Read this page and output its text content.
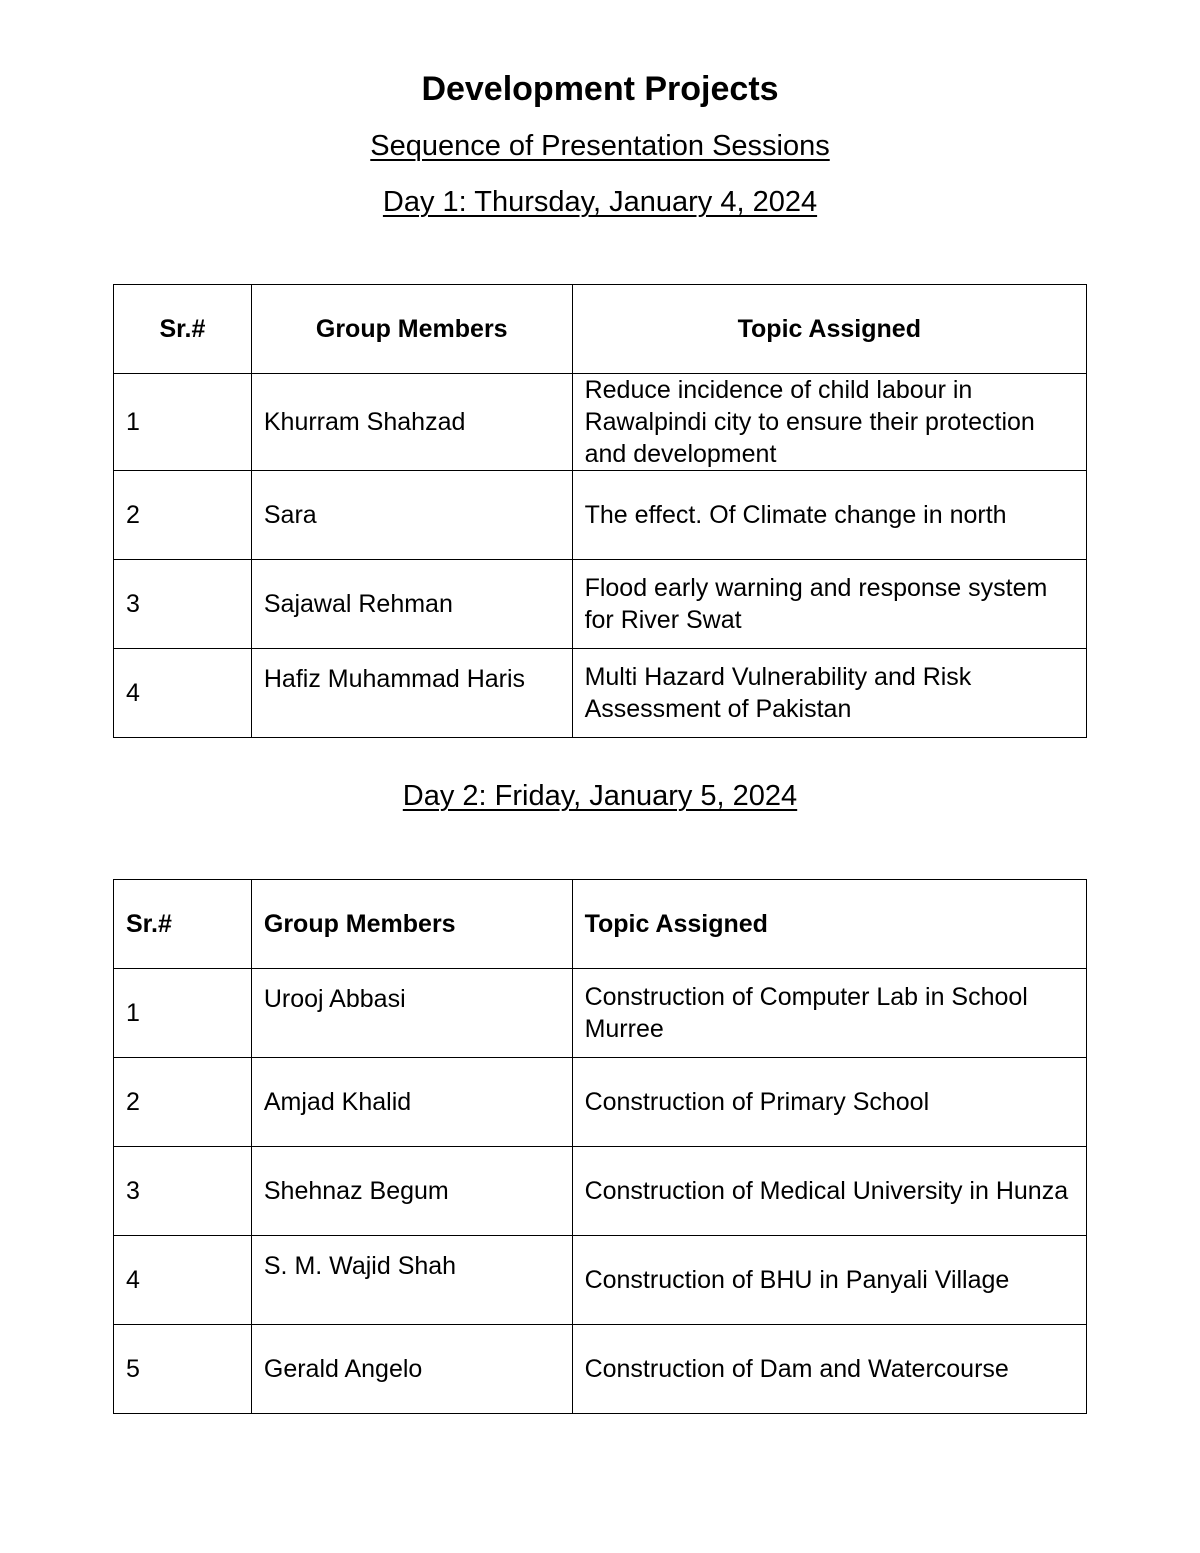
Development Projects
Sequence of Presentation Sessions
Day 1: Thursday, January 4, 2024
Sr.#	Group Members	Topic Assigned
1	Khurram Shahzad	Reduce incidence of child labour in Rawalpindi city to ensure their protection and development
2	Sara	The effect. Of Climate change in north
3	Sajawal Rehman	Flood early warning and response system for River Swat
4	Hafiz Muhammad Haris	Multi Hazard Vulnerability and Risk Assessment of Pakistan
Day 2: Friday, January 5, 2024
Sr.#	Group Members	Topic Assigned
1	Urooj Abbasi	Construction of Computer Lab in School Murree
2	Amjad Khalid	Construction of Primary School
3	Shehnaz Begum	Construction of Medical University in Hunza
4	S. M. Wajid Shah	Construction of BHU in Panyali Village
5	Gerald Angelo	Construction of Dam and Watercourse
